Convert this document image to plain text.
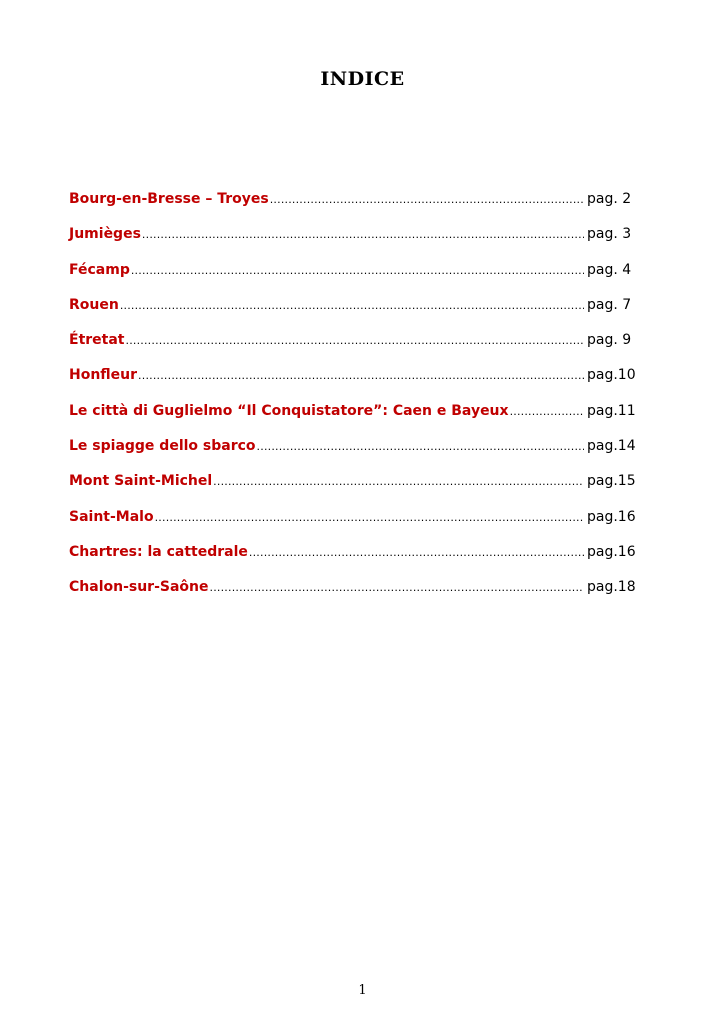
INDICE
Bourg-en-Bresse – Troyes .....	pag. 2
Jumièges .....	pag. 3
Fécamp .....	pag. 4
Rouen .....	pag. 7
Étretat .....	pag. 9
Honfleur .....	pag.10
Le città di Guglielmo “Il Conquistatore”: Caen e Bayeux .....	pag.11
Le spiagge dello sbarco .....	pag.14
Mont Saint-Michel .....	pag.15
Saint-Malo .....	pag.16
Chartres: la cattedrale .....	pag.16
Chalon-sur-Saône .....	pag.18
1
